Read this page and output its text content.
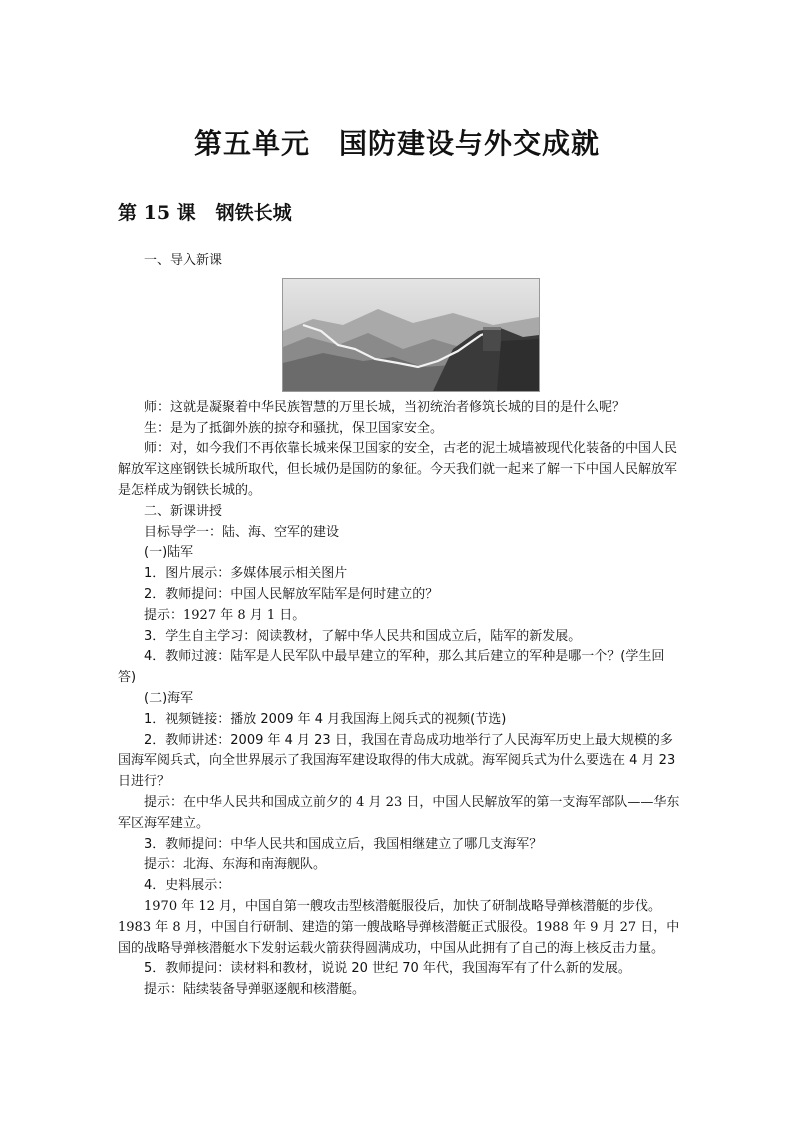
第五单元　国防建设与外交成就
第 15 课 钢铁长城

一、导入新课

师：这就是凝聚着中华民族智慧的万里长城，当初统治者修筑长城的目的是什么呢？

生：是为了抵御外族的掠夺和骚扰，保卫国家安全。

师：对，如今我们不再依靠长城来保卫国家的安全，古老的泥土城墙被现代化装备的中国人民解放军这座钢铁长城所取代，但长城仍是国防的象征。今天我们就一起来了解一下中国人民解放军是怎样成为钢铁长城的。

二、新课讲授

目标导学一：陆、海、空军的建设

(一)陆军

1．图片展示：多媒体展示相关图片

2．教师提问：中国人民解放军陆军是何时建立的？

提示：1927 年 8 月 1 日。

3．学生自主学习：阅读教材，了解中华人民共和国成立后，陆军的新发展。

4．教师过渡：陆军是人民军队中最早建立的军种，那么其后建立的军种是哪一个？(学生回答)

(二)海军

1．视频链接：播放 2009 年 4 月我国海上阅兵式的视频(节选)

2．教师讲述：2009 年 4 月 23 日，我国在青岛成功地举行了人民海军历史上最大规模的多国海军阅兵式，向全世界展示了我国海军建设取得的伟大成就。海军阅兵式为什么要选在 4 月 23 日进行？

提示：在中华人民共和国成立前夕的 4 月 23 日，中国人民解放军的第一支海军部队——华东军区海军建立。

3．教师提问：中华人民共和国成立后，我国相继建立了哪几支海军？

提示：北海、东海和南海舰队。

4．史料展示：

1970 年 12 月，中国自第一艘攻击型核潜艇服役后，加快了研制战略导弹核潜艇的步伐。1983 年 8 月，中国自行研制、建造的第一艘战略导弹核潜艇正式服役。1988 年 9 月 27 日，中国的战略导弹核潜艇水下发射运载火箭获得圆满成功，中国从此拥有了自己的海上核反击力量。

5．教师提问：读材料和教材，说说 20 世纪 70 年代，我国海军有了什么新的发展。

提示：陆续装备导弹驱逐舰和核潜艇。
